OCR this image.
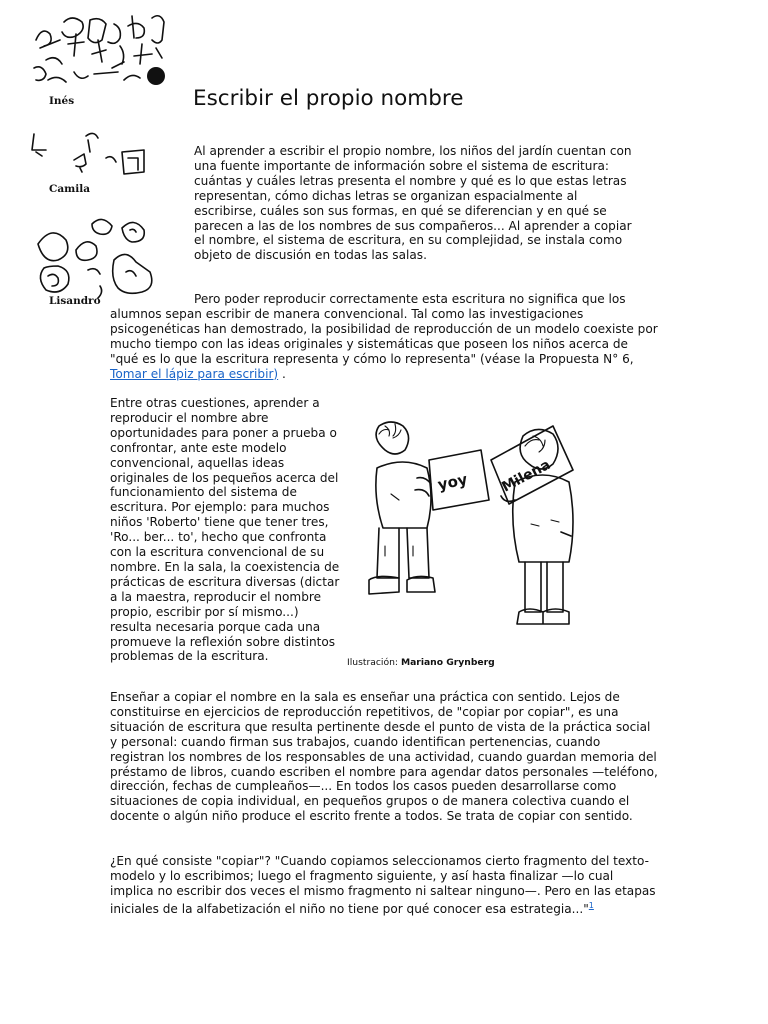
Inés
Camila
Lisandro
Escribir el propio nombre
Al aprender a escribir el propio nombre, los niños del jardín cuentan con una fuente importante de información sobre el sistema de escritura: cuántas y cuáles letras presenta el nombre y qué es lo que estas letras representan, cómo dichas letras se organizan espacialmente al escribirse, cuáles son sus formas, en qué se diferencian y en qué se parecen a las de los nombres de sus compañeros... Al aprender a copiar el nombre, el sistema de escritura, en su complejidad, se instala como objeto de discusión en todas las salas.
Pero poder reproducir correctamente esta escritura no significa que los alumnos sepan escribir de manera convencional. Tal como las investigaciones psicogenéticas han demostrado, la posibilidad de reproducción de un modelo coexiste por mucho tiempo con las ideas originales y sistemáticas que poseen los niños acerca de "qué es lo que la escritura representa y cómo lo representa" (véase la Propuesta N° 6, Tomar el lápiz para escribir) .
Entre otras cuestiones, aprender a reproducir el nombre abre oportunidades para poner a prueba o confrontar, ante este modelo convencional, aquellas ideas originales de los pequeños acerca del funcionamiento del sistema de escritura. Por ejemplo: para muchos niños 'Roberto' tiene que tener tres, 'Ro... ber... to', hecho que confronta con la escritura convencional de su nombre. En la sala, la coexistencia de prácticas de escritura diversas (dictar a la maestra, reproducir el nombre propio, escribir por sí mismo...) resulta necesaria porque cada una promueve la reflexión sobre distintos problemas de la escritura.
yoy Milena
Ilustración: Mariano Grynberg
Enseñar a copiar el nombre en la sala es enseñar una práctica con sentido. Lejos de constituirse en ejercicios de reproducción repetitivos, de "copiar por copiar", es una situación de escritura que resulta pertinente desde el punto de vista de la práctica social y personal: cuando firman sus trabajos, cuando identifican pertenencias, cuando registran los nombres de los responsables de una actividad, cuando guardan memoria del préstamo de libros, cuando escriben el nombre para agendar datos personales —teléfono, dirección, fechas de cumpleaños—... En todos los casos pueden desarrollarse como situaciones de copia individual, en pequeños grupos o de manera colectiva cuando el docente o algún niño produce el escrito frente a todos. Se trata de copiar con sentido.
¿En qué consiste "copiar"? "Cuando copiamos seleccionamos cierto fragmento del texto-modelo y lo escribimos; luego el fragmento siguiente, y así hasta finalizar —lo cual implica no escribir dos veces el mismo fragmento ni saltear ninguno—. Pero en las etapas iniciales de la alfabetización el niño no tiene por qué conocer esa estrategia..."$^1$
